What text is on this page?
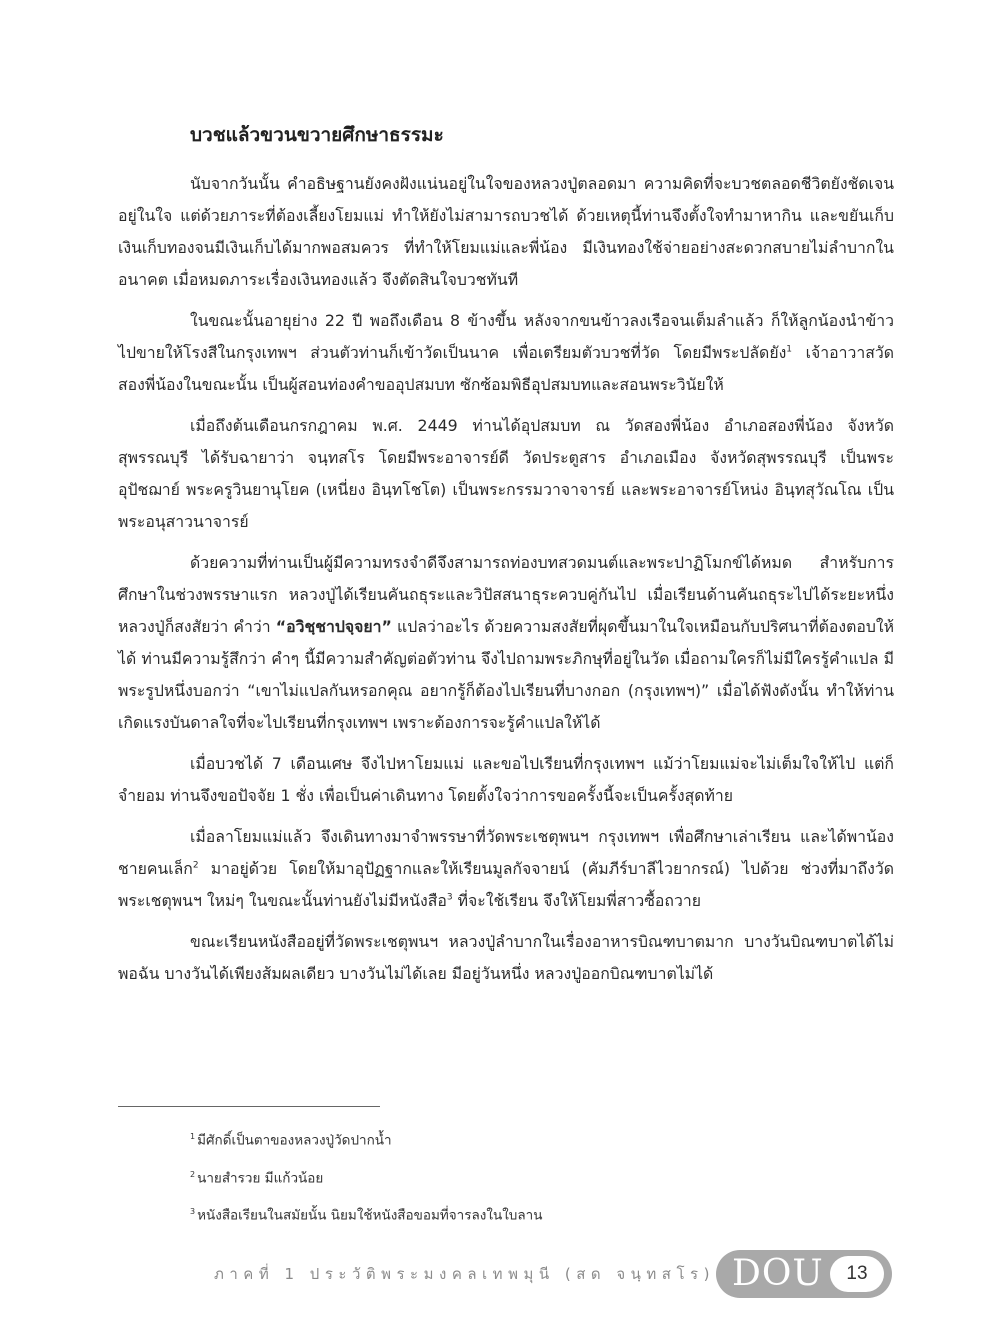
บวชแล้วขวนขวายศึกษาธรรมะ

นับจากวันนั้น คำอธิษฐานยังคงฝังแน่นอยู่ในใจของหลวงปู่ตลอดมา ความคิดที่จะบวชตลอดชีวิตยังชัดเจนอยู่ในใจ แต่ด้วยภาระที่ต้องเลี้ยงโยมแม่ ทำให้ยังไม่สามารถบวชได้ ด้วยเหตุนี้ท่านจึงตั้งใจทำมาหากิน และขยันเก็บเงินเก็บทองจนมีเงินเก็บได้มากพอสมควร ที่ทำให้โยมแม่และพี่น้อง มีเงินทองใช้จ่ายอย่างสะดวกสบายไม่ลำบากในอนาคต เมื่อหมดภาระเรื่องเงินทองแล้ว จึงตัดสินใจบวชทันที

ในขณะนั้นอายุย่าง 22 ปี พอถึงเดือน 8 ข้างขึ้น หลังจากขนข้าวลงเรือจนเต็มลำแล้ว ก็ให้ลูกน้องนำข้าวไปขายให้โรงสีในกรุงเทพฯ ส่วนตัวท่านก็เข้าวัดเป็นนาค เพื่อเตรียมตัวบวชที่วัด โดยมีพระปลัดยัง$^1$ เจ้าอาวาสวัดสองพี่น้องในขณะนั้น เป็นผู้สอนท่องคำขออุปสมบท ซักซ้อมพิธีอุปสมบทและสอนพระวินัยให้

เมื่อถึงต้นเดือนกรกฎาคม พ.ศ. 2449 ท่านได้อุปสมบท ณ วัดสองพี่น้อง อำเภอสองพี่น้อง จังหวัดสุพรรณบุรี ได้รับฉายาว่า จนฺทสโร โดยมีพระอาจารย์ดี วัดประตูสาร อำเภอเมือง จังหวัดสุพรรณบุรี เป็นพระอุปัชฌาย์ พระครูวินยานุโยค (เหนี่ยง อินฺทโชโต) เป็นพระกรรมวาจาจารย์ และพระอาจารย์โหน่ง อินฺทสุวัณโณ เป็นพระอนุสาวนาจารย์

ด้วยความที่ท่านเป็นผู้มีความทรงจำดีจึงสามารถท่องบทสวดมนต์และพระปาฏิโมกข์ได้หมด สำหรับการศึกษาในช่วงพรรษาแรก หลวงปู่ได้เรียนคันถธุระและวิปัสสนาธุระควบคู่กันไป เมื่อเรียนด้านคันถธุระไปได้ระยะหนึ่ง หลวงปู่ก็สงสัยว่า คำว่า “อวิชฺชาปจฺจยา” แปลว่าอะไร ด้วยความสงสัยที่ผุดขึ้นมาในใจเหมือนกับปริศนาที่ต้องตอบให้ได้ ท่านมีความรู้สึกว่า คำๆ นี้มีความสำคัญต่อตัวท่าน จึงไปถามพระภิกษุที่อยู่ในวัด เมื่อถามใครก็ไม่มีใครรู้คำแปล มีพระรูปหนึ่งบอกว่า “เขาไม่แปลกันหรอกคุณ อยากรู้ก็ต้องไปเรียนที่บางกอก (กรุงเทพฯ)” เมื่อได้ฟังดังนั้น ทำให้ท่านเกิดแรงบันดาลใจที่จะไปเรียนที่กรุงเทพฯ เพราะต้องการจะรู้คำแปลให้ได้

เมื่อบวชได้ 7 เดือนเศษ จึงไปหาโยมแม่ และขอไปเรียนที่กรุงเทพฯ แม้ว่าโยมแม่จะไม่เต็มใจให้ไป แต่ก็จำยอม ท่านจึงขอปัจจัย 1 ชั่ง เพื่อเป็นค่าเดินทาง โดยตั้งใจว่าการขอครั้งนี้จะเป็นครั้งสุดท้าย

เมื่อลาโยมแม่แล้ว จึงเดินทางมาจำพรรษาที่วัดพระเชตุพนฯ กรุงเทพฯ เพื่อศึกษาเล่าเรียน และได้พาน้องชายคนเล็ก$^2$ มาอยู่ด้วย โดยให้มาอุปัฏฐากและให้เรียนมูลกัจจายน์ (คัมภีร์บาลีไวยากรณ์) ไปด้วย ช่วงที่มาถึงวัดพระเชตุพนฯ ใหม่ๆ ในขณะนั้นท่านยังไม่มีหนังสือ$^3$ ที่จะใช้เรียน จึงให้โยมพี่สาวซื้อถวาย

ขณะเรียนหนังสืออยู่ที่วัดพระเชตุพนฯ หลวงปู่ลำบากในเรื่องอาหารบิณฑบาตมาก บางวันบิณฑบาตได้ไม่พอฉัน บางวันได้เพียงส้มผลเดียว บางวันไม่ได้เลย มีอยู่วันหนึ่ง หลวงปู่ออกบิณฑบาตไม่ได้

$^1$ มีศักดิ์เป็นตาของหลวงปู่วัดปากน้ำ

$^2$ นายสำรวย มีแก้วน้อย

$^3$ หนังสือเรียนในสมัยนั้น นิยมใช้หนังสือขอมที่จารลงในใบลาน

ภาคที่ 1 ประวัติพระมงคลเทพมุนี (สด จนฺทสโร) DOU	13
